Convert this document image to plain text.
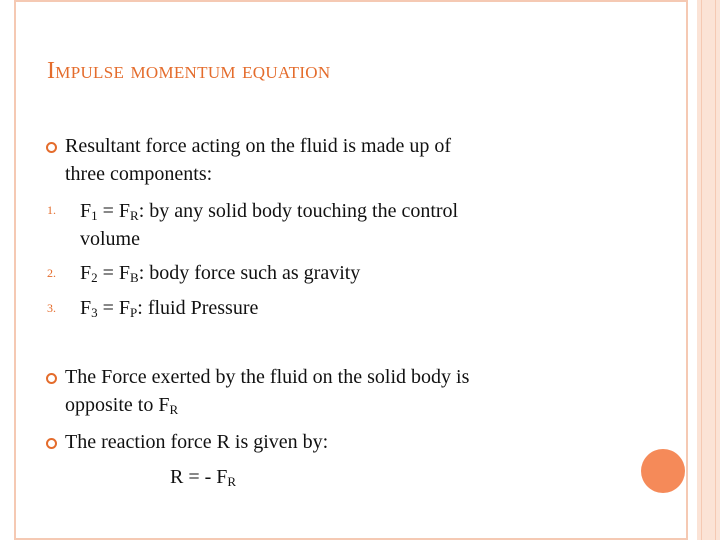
Impulse momentum equation
Resultant force acting on the fluid is made up of
three components:
1. $F_1 = F_R$: by any solid body touching the control
volume
2. $F_2 = F_B$: body force such as gravity
3. $F_3 = F_P$: fluid Pressure
The Force exerted by the fluid on the solid body is
opposite to $F_R$
The reaction force R is given by:
R = - $F_R$
